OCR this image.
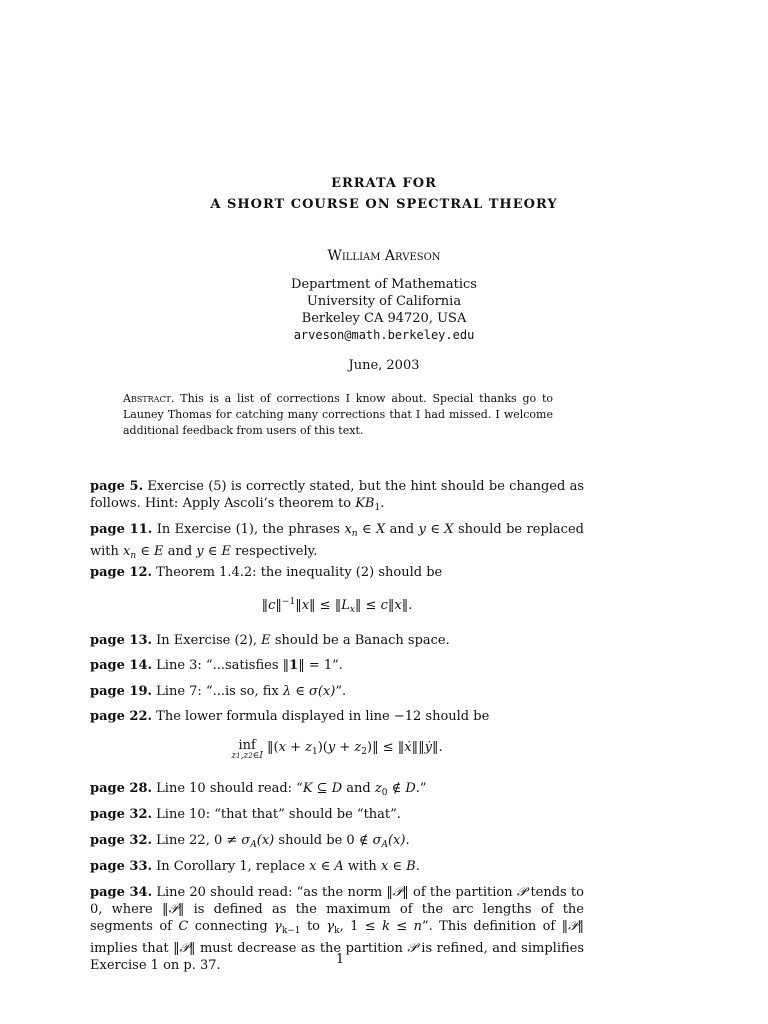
ERRATA FOR
A SHORT COURSE ON SPECTRAL THEORY
William Arveson
Department of Mathematics
University of California
Berkeley CA 94720, USA
arveson@math.berkeley.edu
June, 2003
Abstract. This is a list of corrections I know about. Special thanks go to Launey Thomas for catching many corrections that I had missed. I welcome additional feedback from users of this text.
page 5. Exercise (5) is correctly stated, but the hint should be changed as follows. Hint: Apply Ascoli’s theorem to $KB_1$.
page 11. In Exercise (1), the phrases $x_n$ ∈ X and y ∈ X should be replaced with $x_n$ ∈ E and y ∈ E respectively.
page 12. Theorem 1.4.2: the inequality (2) should be
‖c‖$^{-1}$‖x‖ ≤ $‖L_x‖$ ≤ c‖x‖.
page 13. In Exercise (2), E should be a Banach space.
page 14. Line 3: “...satisfies ‖1‖ = 1”.
page 19. Line 7: “...is so, fix λ ∈ σ(x)”.
page 22. The lower formula displayed in line −12 should be
inf
z1,z2∈I
‖(x + $z_1)(y$ + $z_2)‖$ ≤ ‖ẋ‖‖ẏ‖.
page 28. Line 10 should read: “K ⊆ D and $z_0$ ∉ D.”
page 32. Line 10: “that that” should be “that”.
page 32. Line 22, $0 \ne \sigma_A(x)$ should be 0 ∉ $\sigma_A(x)$.
page 33. In Corollary 1, replace x ∈ A with x ∈ B.
page 34. Line 20 should read: “as the norm ‖𝒫‖ of the partition 𝒫 tends to 0, where ‖𝒫‖ is defined as the maximum of the arc lengths of the segments of C connecting $\gamma_{k-1}$ to $\gamma_k$, 1 ≤ k ≤ n”. This definition of ‖𝒫‖ implies that ‖𝒫‖ must decrease as the partition 𝒫 is refined, and simplifies Exercise 1 on p. 37.	1
